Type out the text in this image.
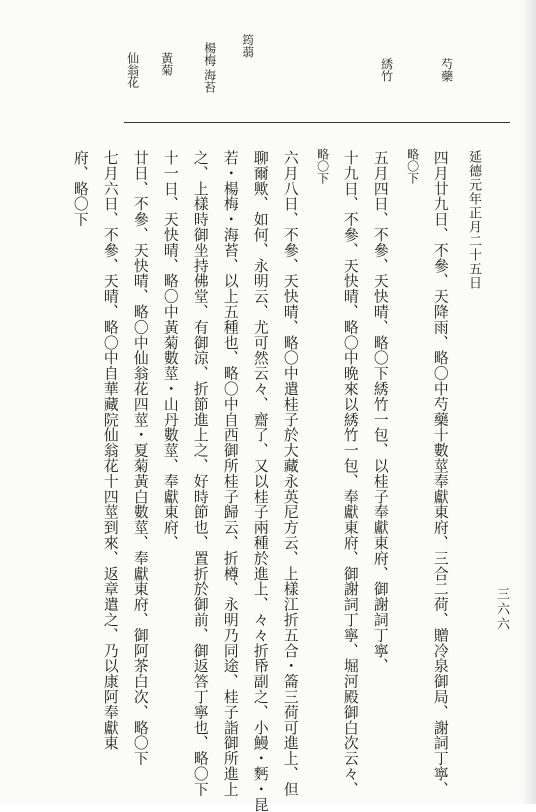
延德元年正月二十五日
三六六
芍藥
綉竹
筠蒻
楊梅
海苔
黃菊
仙翁花
四月廿九日、不參、天降雨、略〇中芍藥十數莖奉獻東府、三合二荷、贈冷泉御局、謝詞丁寧、
略〇下
五月四日、不參、天快晴、略〇下綉竹一包、以桂子奉獻東府、御謝詞丁寧、
十九日、不參、天快晴、略〇中晩來以綉竹一包、奉獻東府、御謝詞丁寧、堀河殿御白次云々、
略〇下
六月八日、不參、天快晴、略〇中遣桂子於大藏永英尼方云、上樣江折五合・䈁三荷可進上、但
聊爾歟、如何、永明云、尤可然云々、齋了、又以桂子兩種於進上、々々折帋副之、小鰻・麫・昆
若・楊梅・海苔、以上五種也、略〇中自西御所桂子歸云、折樽、永明乃同途、桂子詣御所進上
之、上樣時御坐持佛堂、有御涼、折節進上之、好時節也、置折於御前、御返答丁寧也、略〇下
十一日、天快晴、略〇中黃菊數莖・山丹數莖、奉獻東府、
廿日、不參、天快晴、略〇中仙翁花四莖・夏菊黃白數莖、奉獻東府、御阿茶白次、略〇下
七月六日、不參、天晴、略〇中自華藏院仙翁花十四莖到來、返章遣之、乃以康阿奉獻東
府、略〇下
